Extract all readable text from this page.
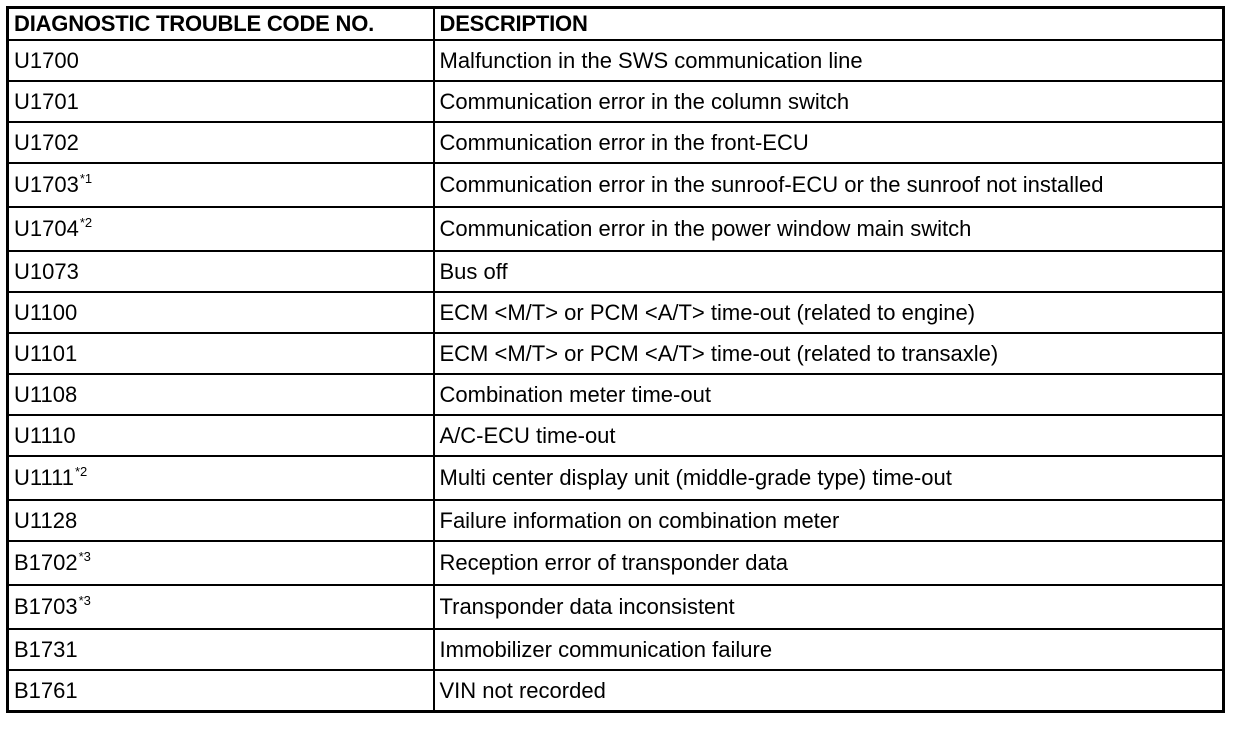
DIAGNOSTIC TROUBLE CODE NO.	DESCRIPTION
U1700	Malfunction in the SWS communication line
U1701	Communication error in the column switch
U1702	Communication error in the front-ECU
U1703$^{*1}$	Communication error in the sunroof-ECU or the sunroof not installed
U1704$^{*2}$	Communication error in the power window main switch
U1073	Bus off
U1100	ECM <M/T> or PCM <A/T> time-out (related to engine)
U1101	ECM <M/T> or PCM <A/T> time-out (related to transaxle)
U1108	Combination meter time-out
U1110	A/C-ECU time-out
U1111$^{*2}$	Multi center display unit (middle-grade type) time-out
U1128	Failure information on combination meter
B1702$^{*3}$	Reception error of transponder data
B1703$^{*3}$	Transponder data inconsistent
B1731	Immobilizer communication failure
B1761	VIN not recorded
